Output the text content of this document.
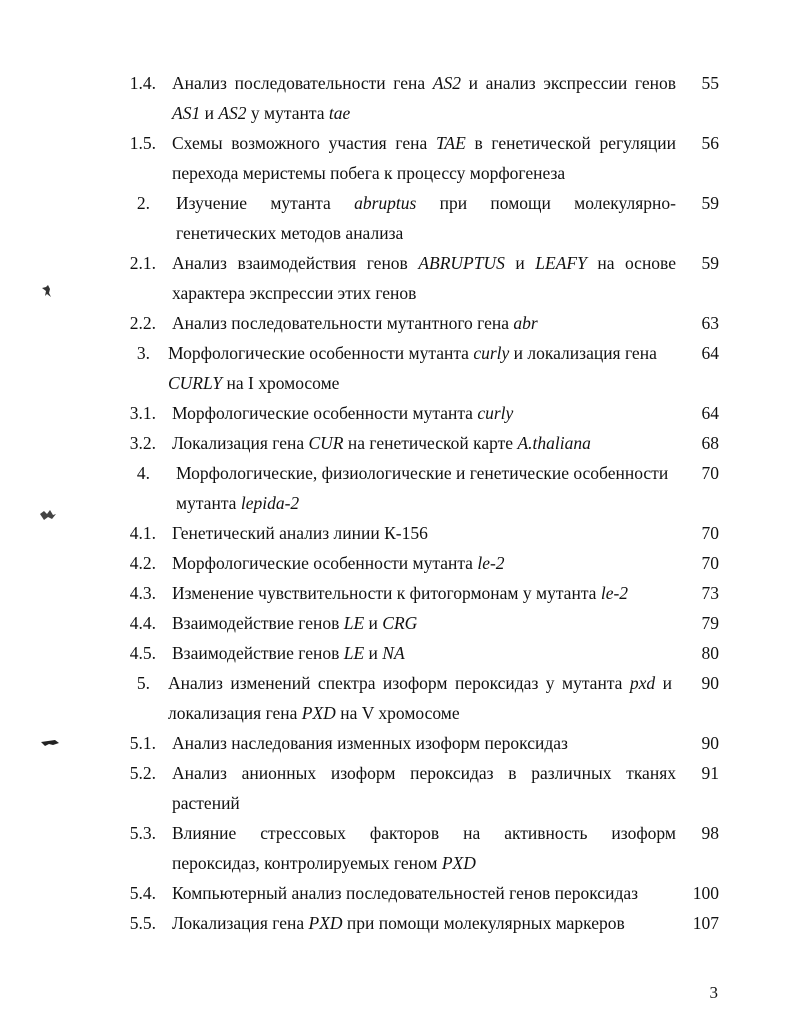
1.4. Анализ последовательности гена AS2 и анализ экспрессии генов
AS1 и AS2 у мутанта tae
55
1.5. Схемы возможного участия гена TAE в генетической регуляции
перехода меристемы побега к процессу морфогенеза
56
2. Изучение мутанта abruptus при помощи молекулярно-
генетических методов анализа
59
2.1. Анализ взаимодействия генов ABRUPTUS и LEAFY на основе
характера экспрессии этих генов
59
2.2. Анализ последовательности мутантного гена abr	63
3. Морфологические особенности мутанта curly и локализация гена
CURLY на I хромосоме
64
3.1. Морфологические особенности мутанта curly	64
3.2. Локализация гена CUR на генетической карте A.thaliana	68
4. Морфологические, физиологические и генетические особенности
мутанта lepida-2
70
4.1. Генетический анализ линии К-156	70
4.2. Морфологические особенности мутанта le-2	70
4.3. Изменение чувствительности к фитогормонам у мутанта le-2	73
4.4. Взаимодействие генов LE и CRG	79
4.5. Взаимодействие генов LE и NA	80
5. Анализ изменений спектра изоформ пероксидаз у мутанта pxd и
локализация гена PXD на V хромосоме
90
5.1. Анализ наследования изменных изоформ пероксидаз	90
5.2. Анализ анионных изоформ пероксидаз в различных тканях
растений
91
5.3. Влияние стрессовых факторов на активность изоформ
пероксидаз, контролируемых геном PXD
98
5.4. Компьютерный анализ последовательностей генов пероксидаз	100
5.5. Локализация гена PXD при помощи молекулярных маркеров	107
3
